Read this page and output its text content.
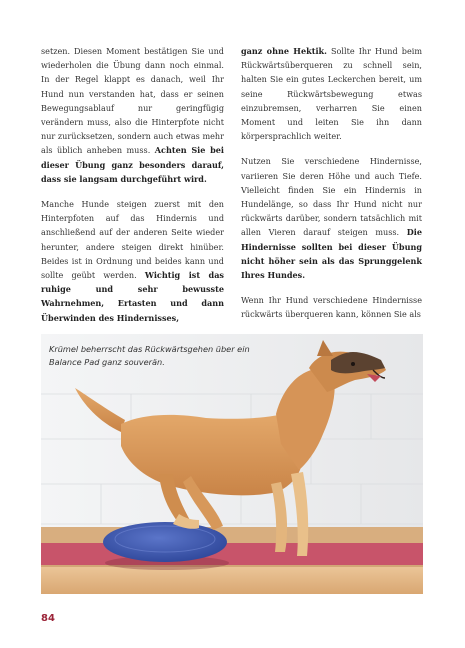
setzen. Diesen Moment bestätigen Sie und wiederholen die Übung dann noch einmal. In der Regel klappt es danach, weil Ihr Hund nun verstanden hat, dass er seinen Bewegungsablauf nur geringfügig verändern muss, also die Hinterpfote nicht nur zurücksetzen, sondern auch etwas mehr als üblich anheben muss. Achten Sie bei dieser Übung ganz besonders darauf, dass sie langsam durchgeführt wird.

Manche Hunde steigen zuerst mit den Hinterpfoten auf das Hindernis und anschließend auf der anderen Seite wieder herunter, andere steigen direkt hinüber. Beides ist in Ordnung und beides kann und sollte geübt werden. Wichtig ist das ruhige und sehr bewusste Wahrnehmen, Ertasten und dann Überwinden des Hindernisses,

ganz ohne Hektik. Sollte Ihr Hund beim Rückwärtsüberqueren zu schnell sein, halten Sie ein gutes Leckerchen bereit, um seine Rückwärtsbewegung etwas einzubremsen, verharren Sie einen Moment und leiten Sie ihn dann körpersprachlich weiter.

Nutzen Sie verschiedene Hindernisse, variieren Sie deren Höhe und auch Tiefe. Vielleicht finden Sie ein Hindernis in Hundelänge, so dass Ihr Hund nicht nur rückwärts darüber, sondern tatsächlich mit allen Vieren darauf steigen muss. Die Hindernisse sollten bei dieser Übung nicht höher sein als das Sprunggelenk Ihres Hundes.

Wenn Ihr Hund verschiedene Hindernisse rückwärts überqueren kann, können Sie als

Krümel beherrscht das Rückwärtsgehen über ein Balance Pad ganz souverän.
84
